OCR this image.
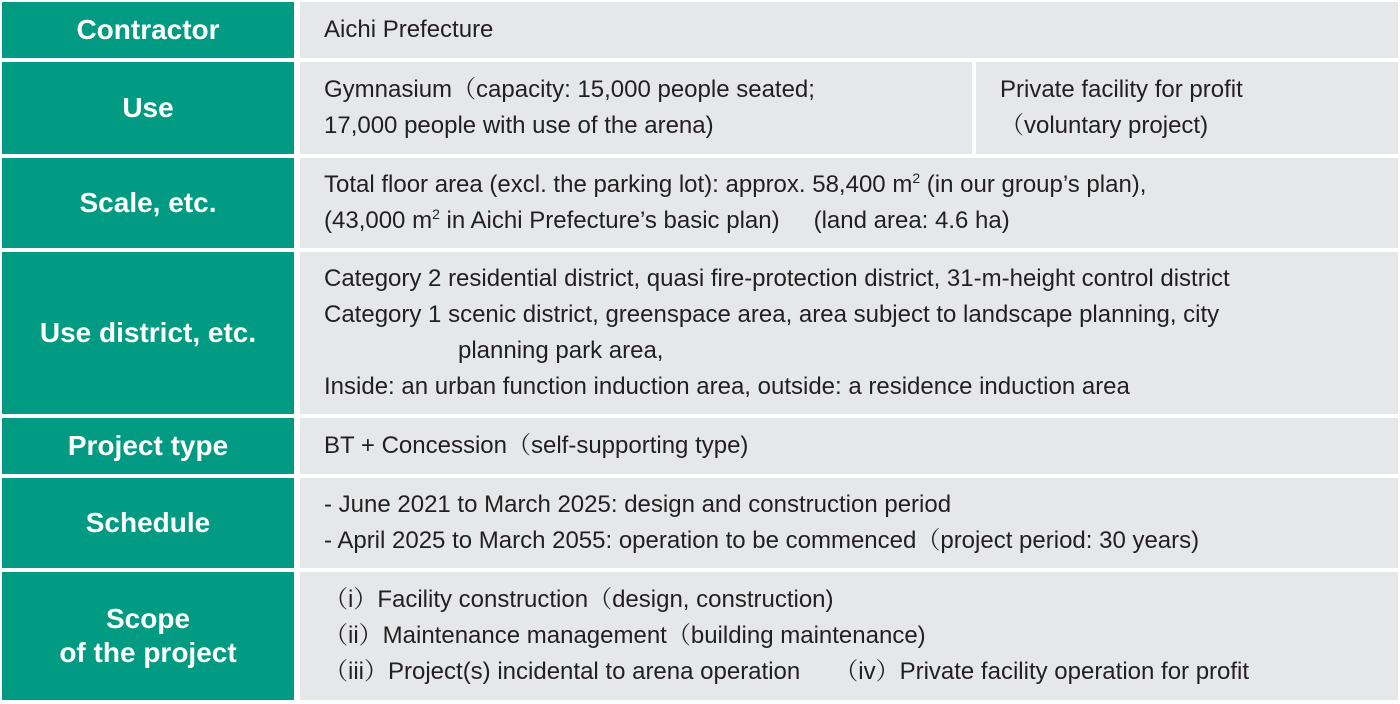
Contractor	Aichi Prefecture
Use
Gymnasium（capacity: 15,000 people seated;
17,000 people with use of the arena)
Private facility for profit
（voluntary project)
Scale, etc.
Total floor area (excl. the parking lot): approx. 58,400 $m^2$ (in our group’s plan),
(43,000 $m^2$ in Aichi Prefecture’s basic plan) (land area: 4.6 ha)
Use district, etc.
Category 2 residential district, quasi fire-protection district, 31-m-height control district
Category 1 scenic district, greenspace area, area subject to landscape planning, city
planning park area,
Inside: an urban function induction area, outside: a residence induction area
Project type	BT + Concession（self-supporting type)
Schedule
- June 2021 to March 2025: design and construction period
- April 2025 to March 2055: operation to be commenced（project period: 30 years)
Scope
of the project
（i）Facility construction（design, construction)
（ii）Maintenance management（building maintenance)
（iii）Project(s) incidental to arena operation （iv）Private facility operation for profit
